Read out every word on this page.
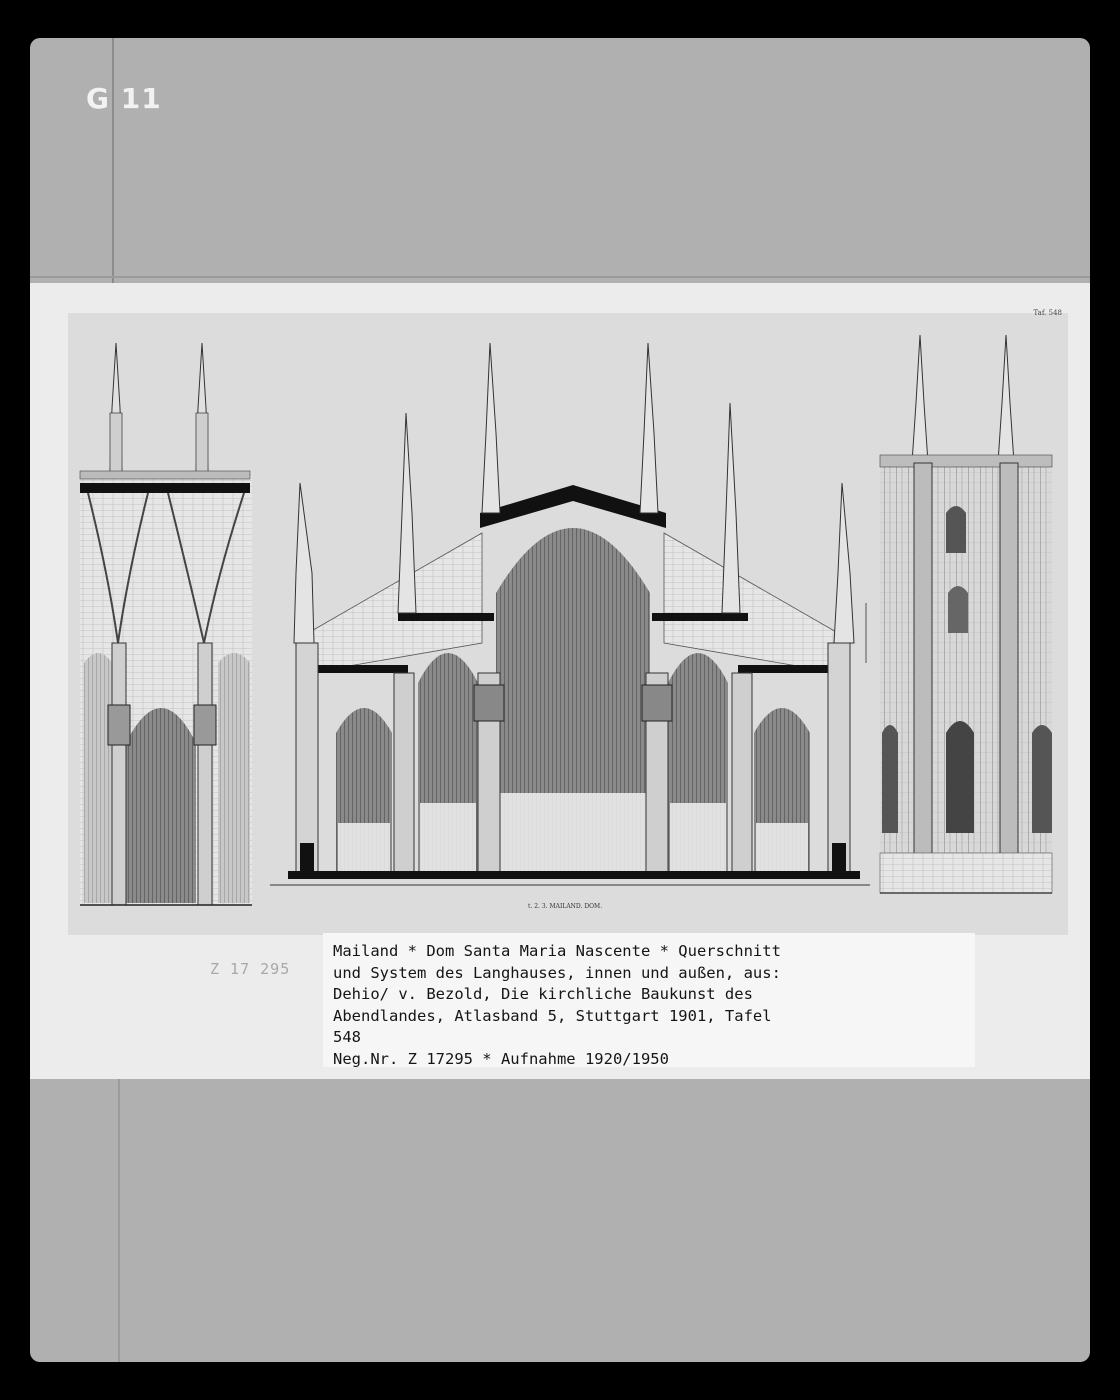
G 11
Taf. 548
t. 2. 3. MAILAND. DOM.
Z 17 295
Mailand * Dom Santa Maria Nascente * Querschnitt
und System des Langhauses, innen und außen, aus:
Dehio/ v. Bezold, Die kirchliche Baukunst des
Abendlandes, Atlasband 5, Stuttgart 1901, Tafel
548
Neg.Nr. Z 17295 * Aufnahme 1920/1950
